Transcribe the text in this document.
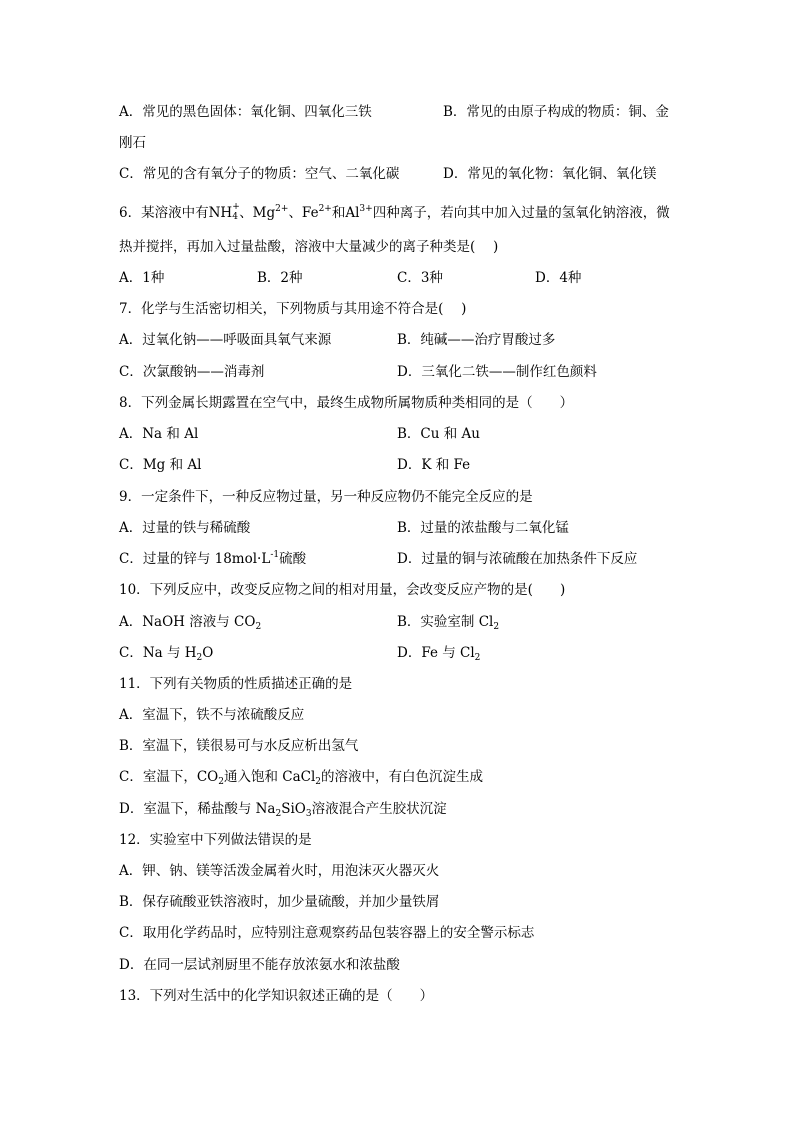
A．常见的黑色固体：氧化铜、四氧化三铁	B．常见的由原子构成的物质：铜、金
刚石
C．常见的含有氧分子的物质：空气、二氧化碳	D．常见的氧化物：氧化铜、氧化镁
6．某溶液中有NH +
4 、$Mg^{2+}$、$Fe^{2+}$和$Al^{3+}$四种离子，若向其中加入过量的氢氧化钠溶液，微
热并搅拌，再加入过量盐酸，溶液中大量减少的离子种类是(　 )
A．1种	B．2种	C．3种	D．4种
7．化学与生活密切相关，下列物质与其用途不符合是(　 )
A．过氧化钠——呼吸面具氧气来源	B．纯碱——治疗胃酸过多
C．次氯酸钠——消毒剂	D．三氧化二铁——制作红色颜料
8．下列金属长期露置在空气中，最终生成物所属物质种类相同的是（　　）
A．Na 和 Al	B．Cu 和 Au
C．Mg 和 Al	D．K 和 Fe
9．一定条件下，一种反应物过量，另一种反应物仍不能完全反应的是
A．过量的铁与稀硫酸	B．过量的浓盐酸与二氧化锰
C．过量的锌与 $18mol\cdot L^{-1}$硫酸	D．过量的铜与浓硫酸在加热条件下反应
10．下列反应中，改变反应物之间的相对用量，会改变反应产物的是(　　)
A．NaOH 溶液与 $CO_2$	B．实验室制 $Cl_2$
C．Na 与 $H_2O$	D．Fe 与 $Cl_2$
11．下列有关物质的性质描述正确的是
A．室温下，铁不与浓硫酸反应
B．室温下，镁很易可与水反应析出氢气
C．室温下，$CO_2$通入饱和 CaCl$_2$的溶液中，有白色沉淀生成
D．室温下，稀盐酸与 $Na_2SiO_3$溶液混合产生胶状沉淀
12．实验室中下列做法错误的是
A．钾、钠、镁等活泼金属着火时，用泡沫灭火器灭火
B．保存硫酸亚铁溶液时，加少量硫酸，并加少量铁屑
C．取用化学药品时，应特别注意观察药品包装容器上的安全警示标志
D．在同一层试剂厨里不能存放浓氨水和浓盐酸
13．下列对生活中的化学知识叙述正确的是（　　）
